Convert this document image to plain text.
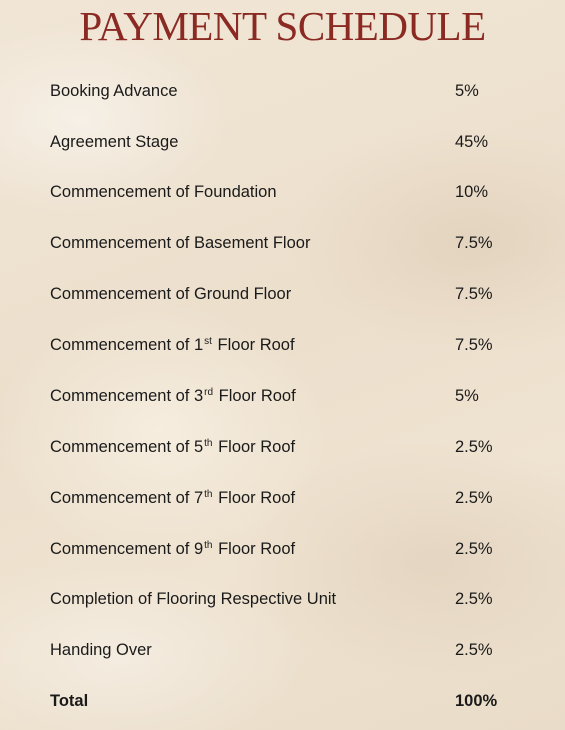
PAYMENT SCHEDULE
Booking Advance	5%
Agreement Stage	45%
Commencement of Foundation	10%
Commencement of Basement Floor	7.5%
Commencement of Ground Floor	7.5%
Commencement of 1st Floor Roof	7.5%
Commencement of 3rd Floor Roof	5%
Commencement of 5th Floor Roof	2.5%
Commencement of 7th Floor Roof	2.5%
Commencement of 9th Floor Roof	2.5%
Completion of Flooring Respective Unit	2.5%
Handing Over	2.5%
Total	100%
